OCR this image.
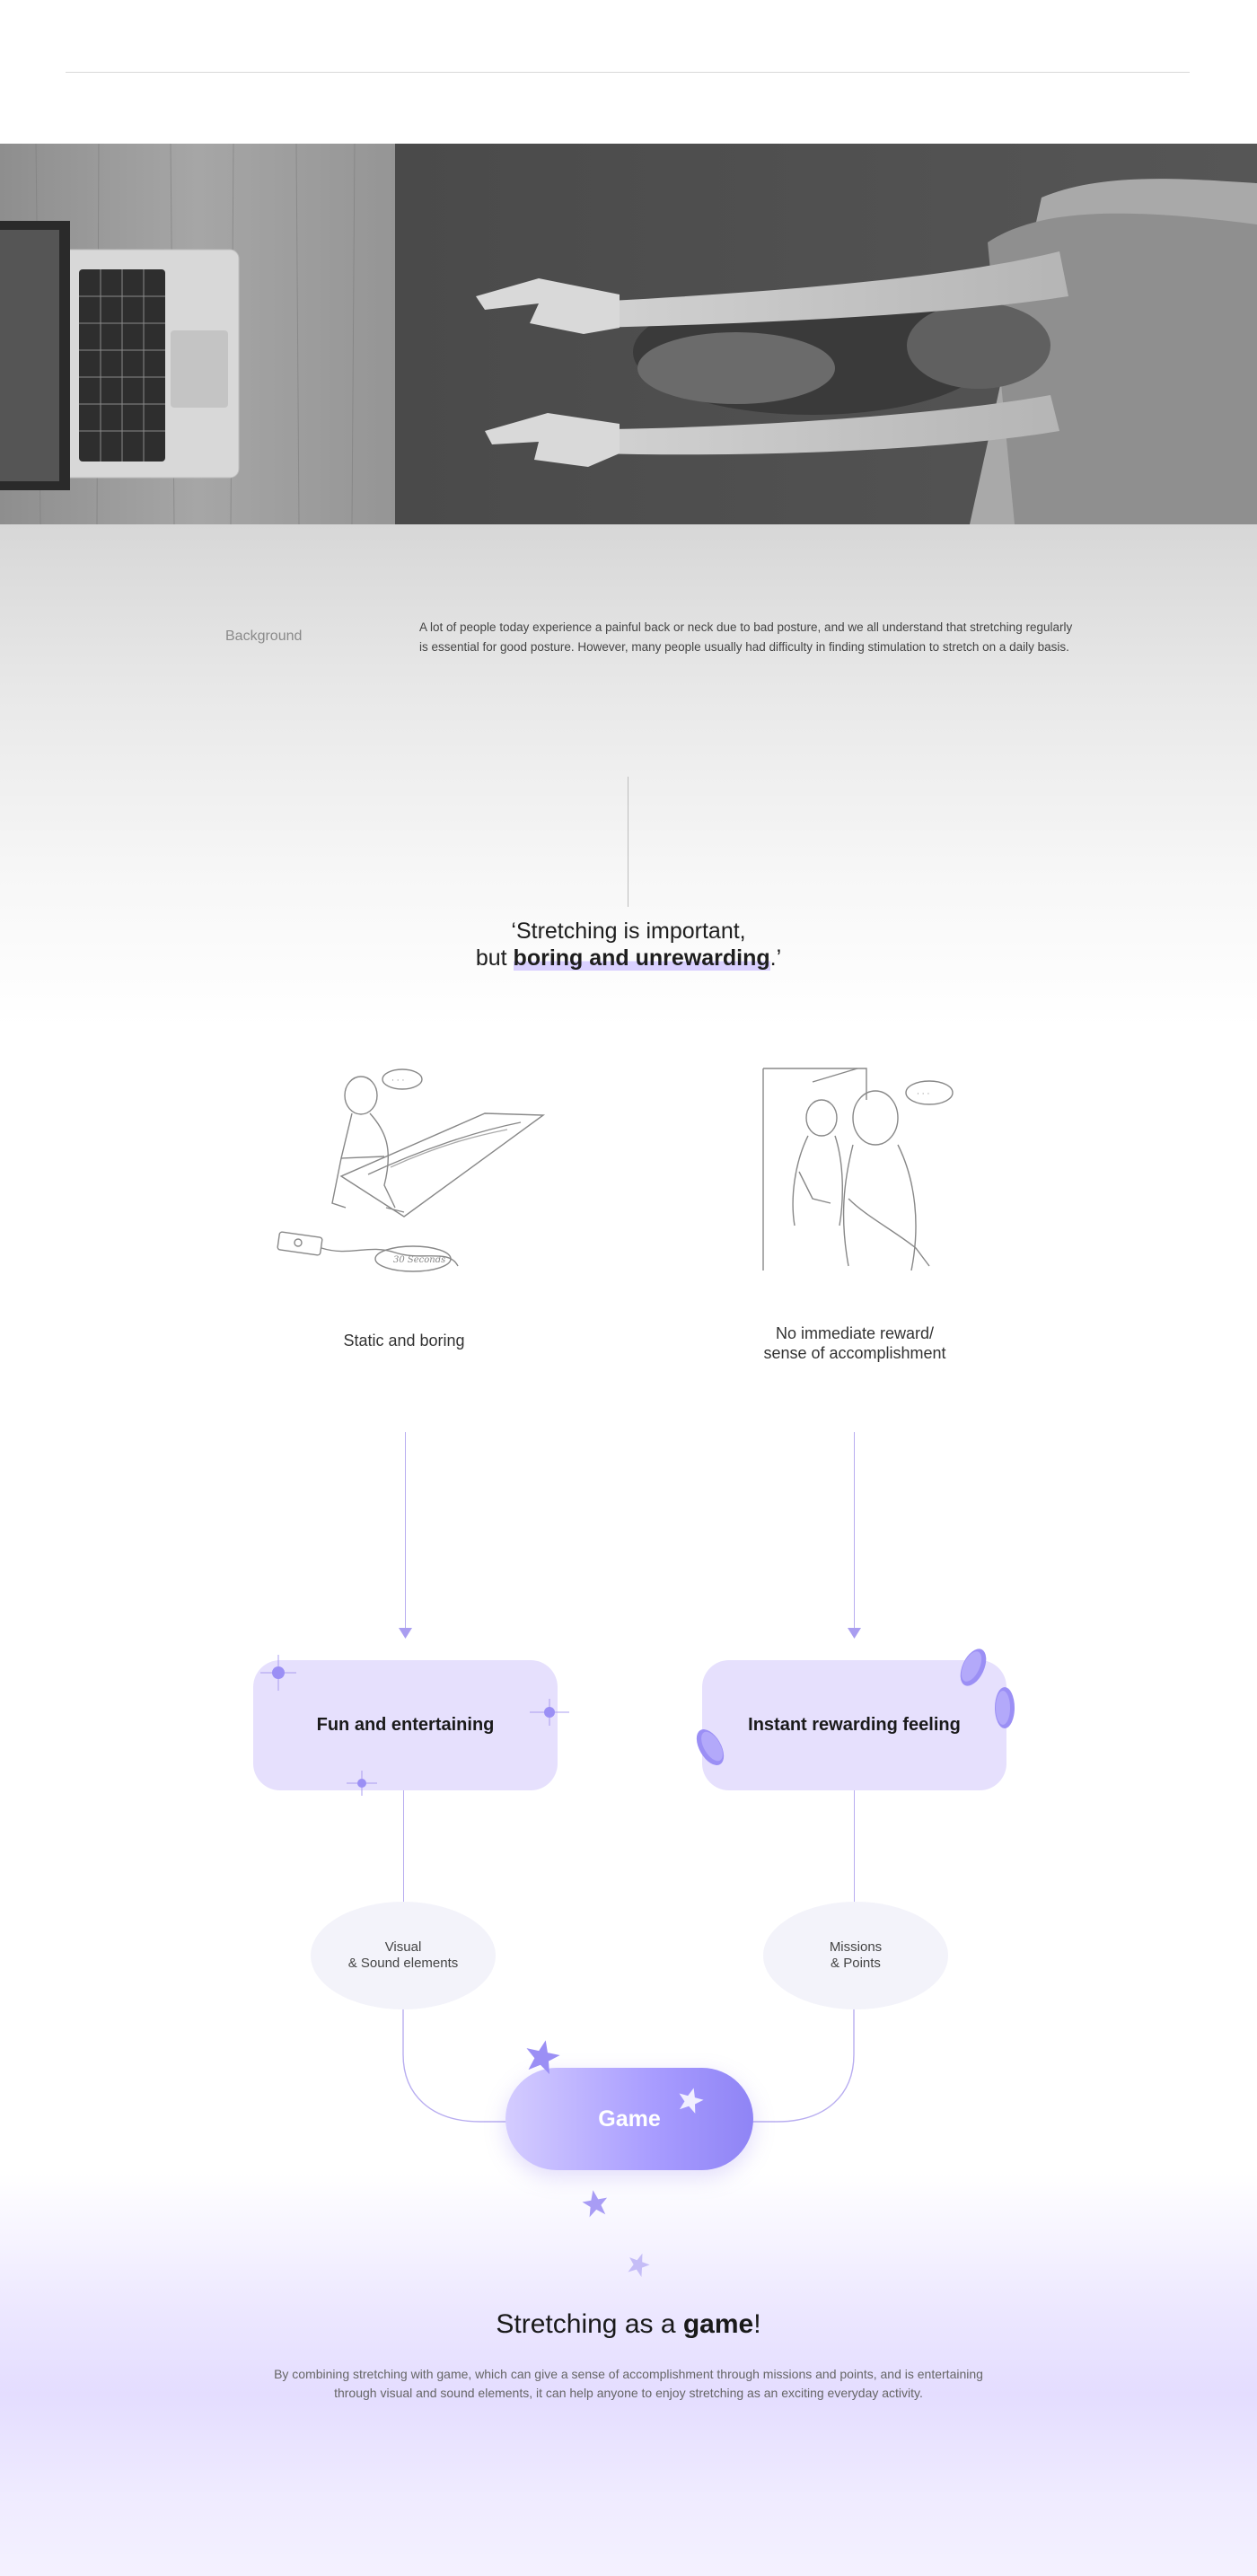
Background
A lot of people today experience a painful back or neck due to bad posture, and we all understand that stretching regularly is essential for good posture. However, many people usually had difficulty in finding stimulation to stretch on a daily basis.
‘Stretching is important,
but boring and unrewarding.’
· · ·
30 Seconds
Static and boring
· · ·
No immediate reward/
sense of accomplishment
Fun and entertaining	Instant rewarding feeling
Visual
& Sound elements
Missions
& Points
Game
Stretching as a game!
By combining stretching with game, which can give a sense of accomplishment through missions and points, and is entertaining through visual and sound elements, it can help anyone to enjoy stretching as an exciting everyday activity.
